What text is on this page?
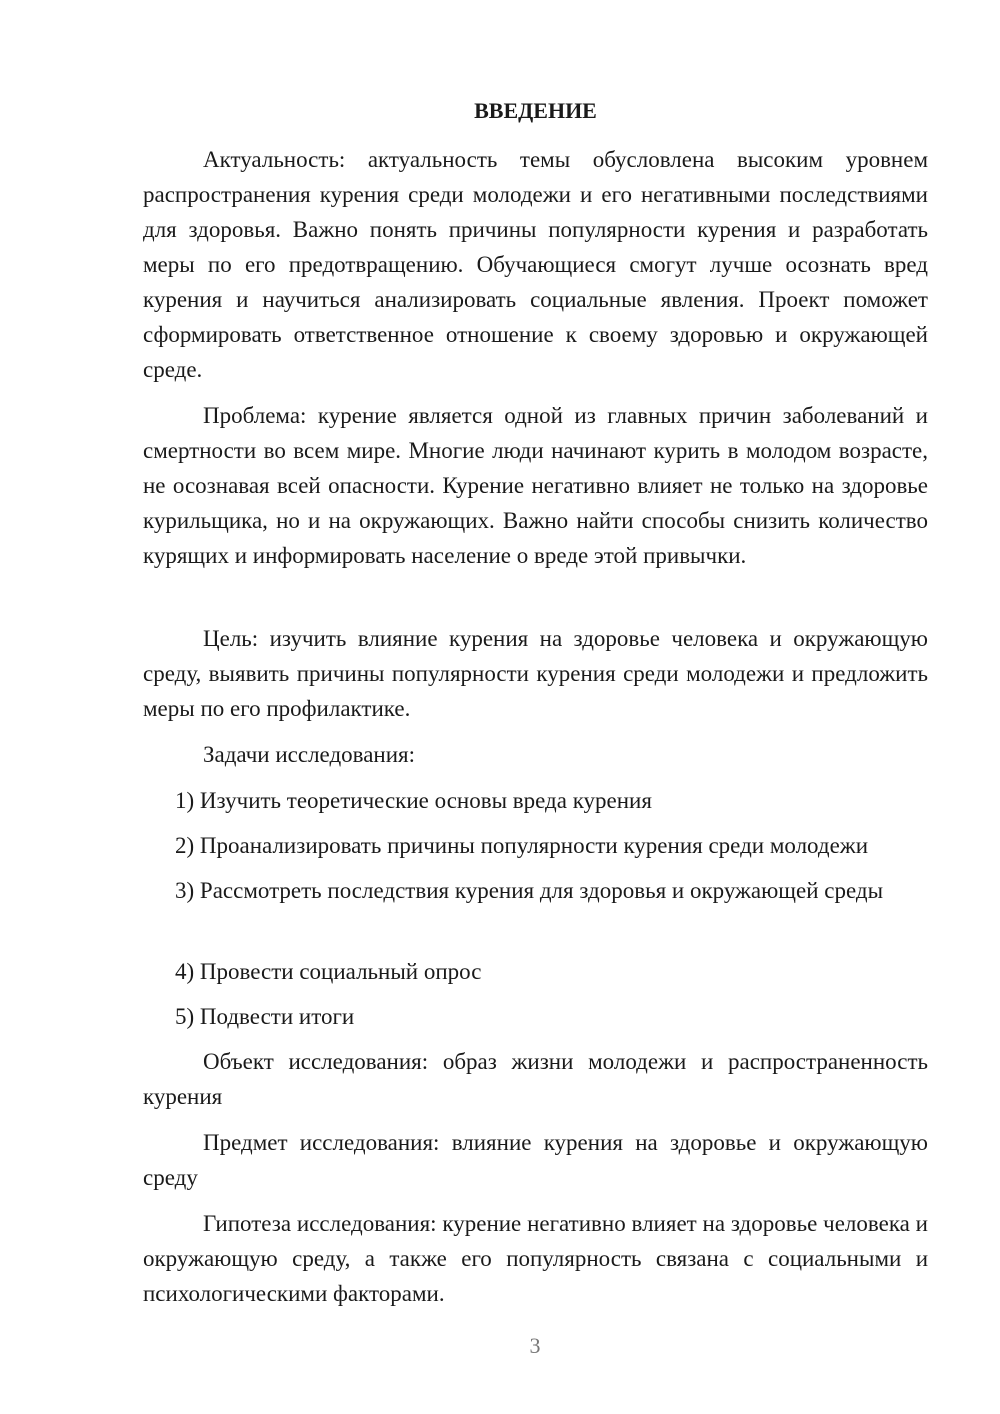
ВВЕДЕНИЕ

Актуальность: актуальность темы обусловлена высоким уровнем распространения курения среди молодежи и его негативными последствиями для здоровья. Важно понять причины популярности курения и разработать меры по его предотвращению. Обучающиеся смогут лучше осознать вред курения и научиться анализировать социальные явления. Проект поможет сформировать ответственное отношение к своему здоровью и окружающей среде.

Проблема: курение является одной из главных причин заболеваний и смертности во всем мире. Многие люди начинают курить в молодом возрасте, не осознавая всей опасности. Курение негативно влияет не только на здоровье курильщика, но и на окружающих. Важно найти способы снизить количество курящих и информировать население о вреде этой привычки.

Цель: изучить влияние курения на здоровье человека и окружающую среду, выявить причины популярности курения среди молодежи и предложить меры по его профилактике.

Задачи исследования:

1) Изучить теоретические основы вреда курения

2) Проанализировать причины популярности курения среди молодежи

3) Рассмотреть последствия курения для здоровья и окружающей среды

4) Провести социальный опрос

5) Подвести итоги

Объект исследования: образ жизни молодежи и распространенность курения

Предмет исследования: влияние курения на здоровье и окружающую среду

Гипотеза исследования: курение негативно влияет на здоровье человека и окружающую среду, а также его популярность связана с социальными и психологическими факторами.

3
